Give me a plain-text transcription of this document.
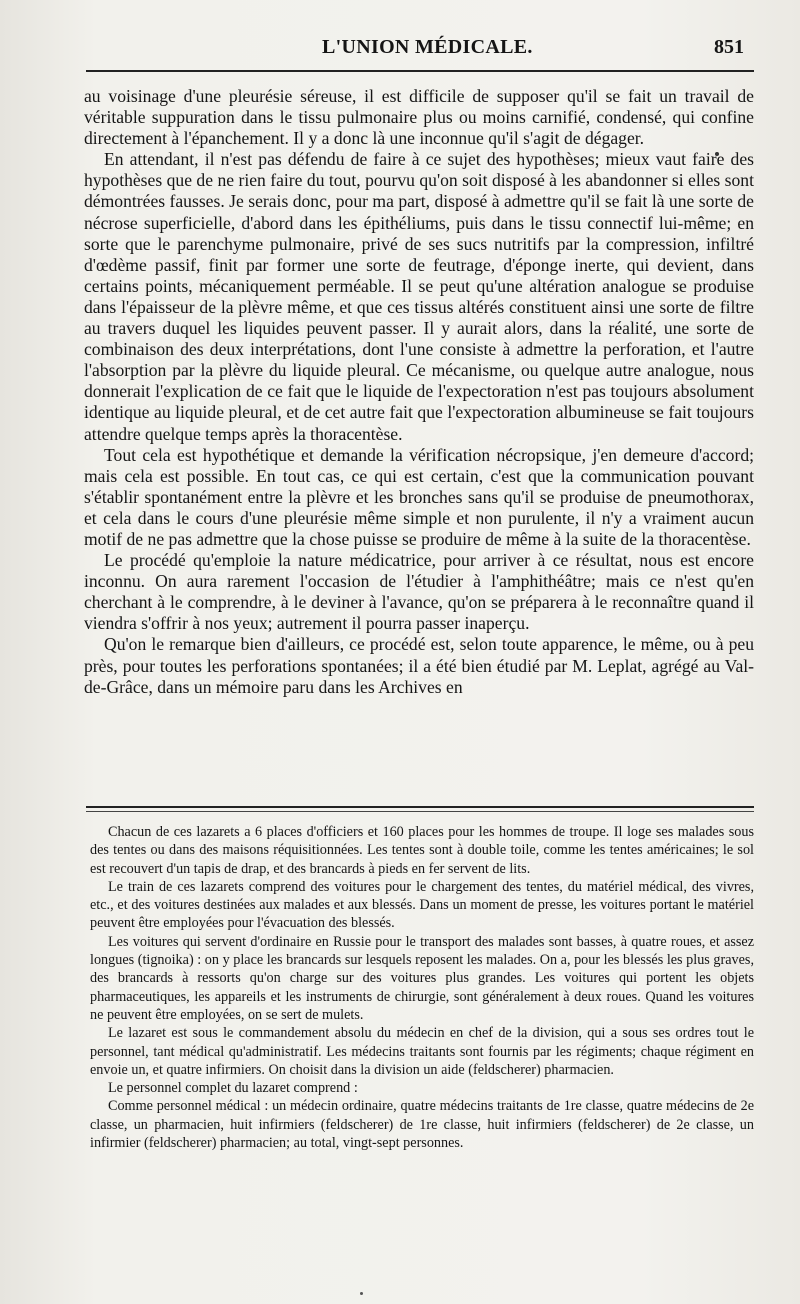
L'UNION MÉDICALE.	851

au voisinage d'une pleurésie séreuse, il est difficile de supposer qu'il se fait un travail de véritable suppuration dans le tissu pulmonaire plus ou moins carnifié, condensé, qui confine directement à l'épanchement. Il y a donc là une inconnue qu'il s'agit de dégager.

En attendant, il n'est pas défendu de faire à ce sujet des hypothèses; mieux vaut faire des hypothèses que de ne rien faire du tout, pourvu qu'on soit disposé à les abandonner si elles sont démontrées fausses. Je serais donc, pour ma part, disposé à admettre qu'il se fait là une sorte de nécrose superficielle, d'abord dans les épithéliums, puis dans le tissu connectif lui-même; en sorte que le parenchyme pulmonaire, privé de ses sucs nutritifs par la compression, infiltré d'œdème passif, finit par former une sorte de feutrage, d'éponge inerte, qui devient, dans certains points, mécaniquement perméable. Il se peut qu'une altération analogue se produise dans l'épaisseur de la plèvre même, et que ces tissus altérés constituent ainsi une sorte de filtre au travers duquel les liquides peuvent passer. Il y aurait alors, dans la réalité, une sorte de combinaison des deux interprétations, dont l'une consiste à admettre la perforation, et l'autre l'absorption par la plèvre du liquide pleural. Ce mécanisme, ou quelque autre analogue, nous donnerait l'explication de ce fait que le liquide de l'expectoration n'est pas toujours absolument identique au liquide pleural, et de cet autre fait que l'expectoration albumineuse se fait toujours attendre quelque temps après la thoracentèse.

Tout cela est hypothétique et demande la vérification nécropsique, j'en demeure d'accord; mais cela est possible. En tout cas, ce qui est certain, c'est que la communication pouvant s'établir spontanément entre la plèvre et les bronches sans qu'il se produise de pneumothorax, et cela dans le cours d'une pleurésie même simple et non purulente, il n'y a vraiment aucun motif de ne pas admettre que la chose puisse se produire de même à la suite de la thoracentèse.

Le procédé qu'emploie la nature médicatrice, pour arriver à ce résultat, nous est encore inconnu. On aura rarement l'occasion de l'étudier à l'amphithéâtre; mais ce n'est qu'en cherchant à le comprendre, à le deviner à l'avance, qu'on se préparera à le reconnaître quand il viendra s'offrir à nos yeux; autrement il pourra passer inaperçu.

Qu'on le remarque bien d'ailleurs, ce procédé est, selon toute apparence, le même, ou à peu près, pour toutes les perforations spontanées; il a été bien étudié par M. Leplat, agrégé au Val-de-Grâce, dans un mémoire paru dans les Archives en

Chacun de ces lazarets a 6 places d'officiers et 160 places pour les hommes de troupe. Il loge ses malades sous des tentes ou dans des maisons réquisitionnées. Les tentes sont à double toile, comme les tentes américaines; le sol est recouvert d'un tapis de drap, et des brancards à pieds en fer servent de lits.

Le train de ces lazarets comprend des voitures pour le chargement des tentes, du matériel médical, des vivres, etc., et des voitures destinées aux malades et aux blessés. Dans un moment de presse, les voitures portant le matériel peuvent être employées pour l'évacuation des blessés.

Les voitures qui servent d'ordinaire en Russie pour le transport des malades sont basses, à quatre roues, et assez longues (tignoika) : on y place les brancards sur lesquels reposent les malades. On a, pour les blessés les plus graves, des brancards à ressorts qu'on charge sur des voitures plus grandes. Les voitures qui portent les objets pharmaceutiques, les appareils et les instruments de chirurgie, sont généralement à deux roues. Quand les voitures ne peuvent être employées, on se sert de mulets.

Le lazaret est sous le commandement absolu du médecin en chef de la division, qui a sous ses ordres tout le personnel, tant médical qu'administratif. Les médecins traitants sont fournis par les régiments; chaque régiment en envoie un, et quatre infirmiers. On choisit dans la division un aide (feldscherer) pharmacien.

Le personnel complet du lazaret comprend :

Comme personnel médical : un médecin ordinaire, quatre médecins traitants de 1re classe, quatre médecins de 2e classe, un pharmacien, huit infirmiers (feldscherer) de 1re classe, huit infirmiers (feldscherer) de 2e classe, un infirmier (feldscherer) pharmacien; au total, vingt-sept personnes.
